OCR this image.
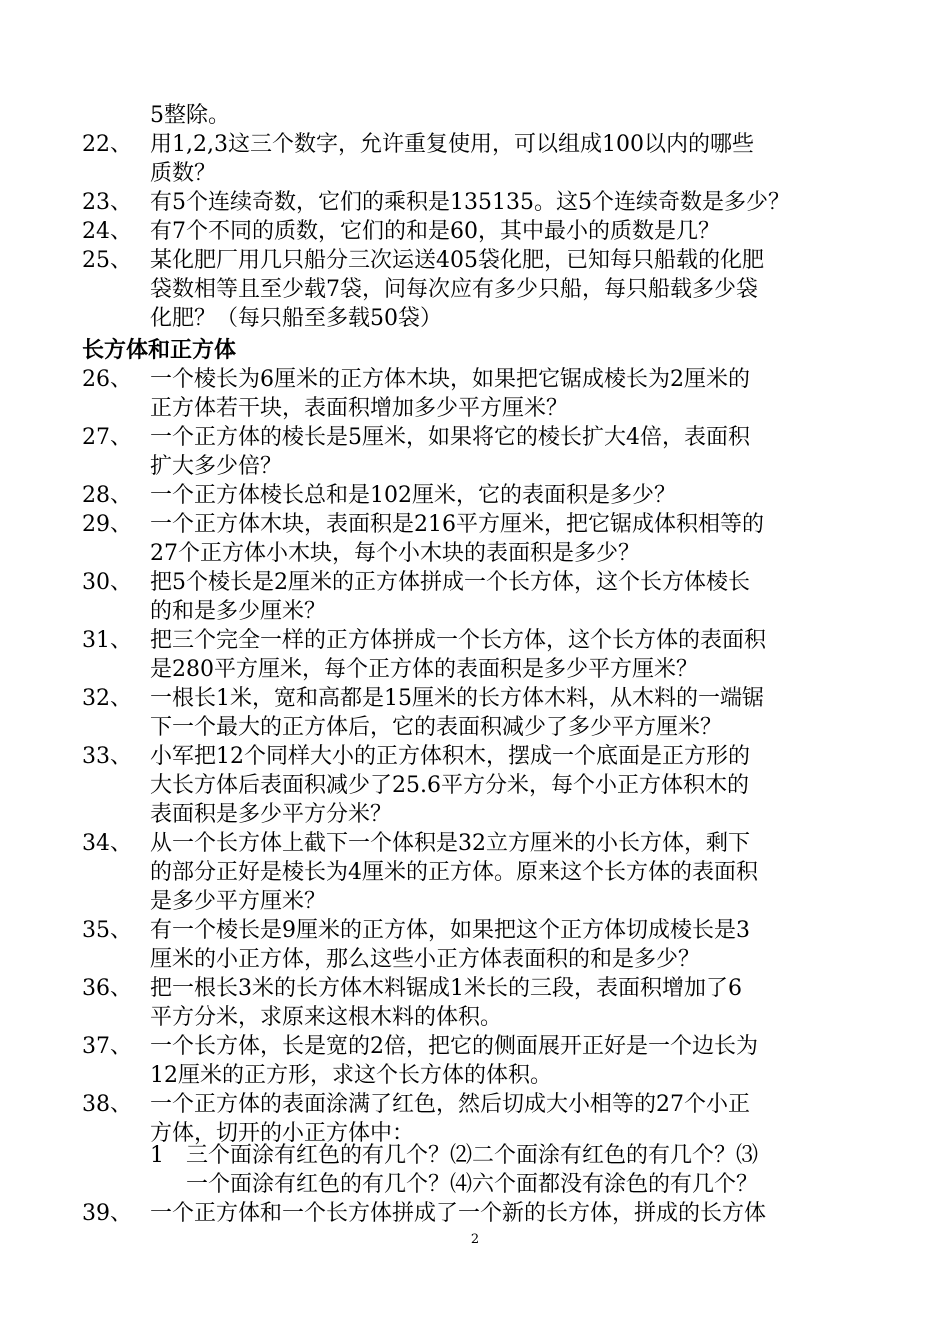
5整除。
22、 用1,2,3这三个数字，允许重复使用，可以组成100以内的哪些
质数？
23、 有5个连续奇数，它们的乘积是135135。这5个连续奇数是多少？
24、 有7个不同的质数，它们的和是60，其中最小的质数是几？
25、 某化肥厂用几只船分三次运送405袋化肥，已知每只船载的化肥
袋数相等且至少载7袋，问每次应有多少只船，每只船载多少袋
化肥？（每只船至多载50袋）
长方体和正方体
26、 一个棱长为6厘米的正方体木块，如果把它锯成棱长为2厘米的
正方体若干块，表面积增加多少平方厘米？
27、 一个正方体的棱长是5厘米，如果将它的棱长扩大4倍，表面积
扩大多少倍？
28、 一个正方体棱长总和是102厘米，它的表面积是多少？
29、 一个正方体木块，表面积是216平方厘米，把它锯成体积相等的
27个正方体小木块，每个小木块的表面积是多少？
30、 把5个棱长是2厘米的正方体拼成一个长方体，这个长方体棱长
的和是多少厘米？
31、 把三个完全一样的正方体拼成一个长方体，这个长方体的表面积
是280平方厘米，每个正方体的表面积是多少平方厘米？
32、 一根长1米，宽和高都是15厘米的长方体木料，从木料的一端锯
下一个最大的正方体后，它的表面积减少了多少平方厘米？
33、 小军把12个同样大小的正方体积木，摆成一个底面是正方形的
大长方体后表面积减少了25.6平方分米，每个小正方体积木的
表面积是多少平方分米？
34、 从一个长方体上截下一个体积是32立方厘米的小长方体，剩下
的部分正好是棱长为4厘米的正方体。原来这个长方体的表面积
是多少平方厘米？
35、 有一个棱长是9厘米的正方体，如果把这个正方体切成棱长是3
厘米的小正方体，那么这些小正方体表面积的和是多少？
36、 把一根长3米的长方体木料锯成1米长的三段，表面积增加了6
平方分米，求原来这根木料的体积。
37、 一个长方体，长是宽的2倍，把它的侧面展开正好是一个边长为
12厘米的正方形，求这个长方体的体积。
38、 一个正方体的表面涂满了红色，然后切成大小相等的27个小正
方体，切开的小正方体中：
1 三个面涂有红色的有几个？⑵二个面涂有红色的有几个？⑶
一个面涂有红色的有几个？⑷六个面都没有涂色的有几个？
39、 一个正方体和一个长方体拼成了一个新的长方体，拼成的长方体
2
